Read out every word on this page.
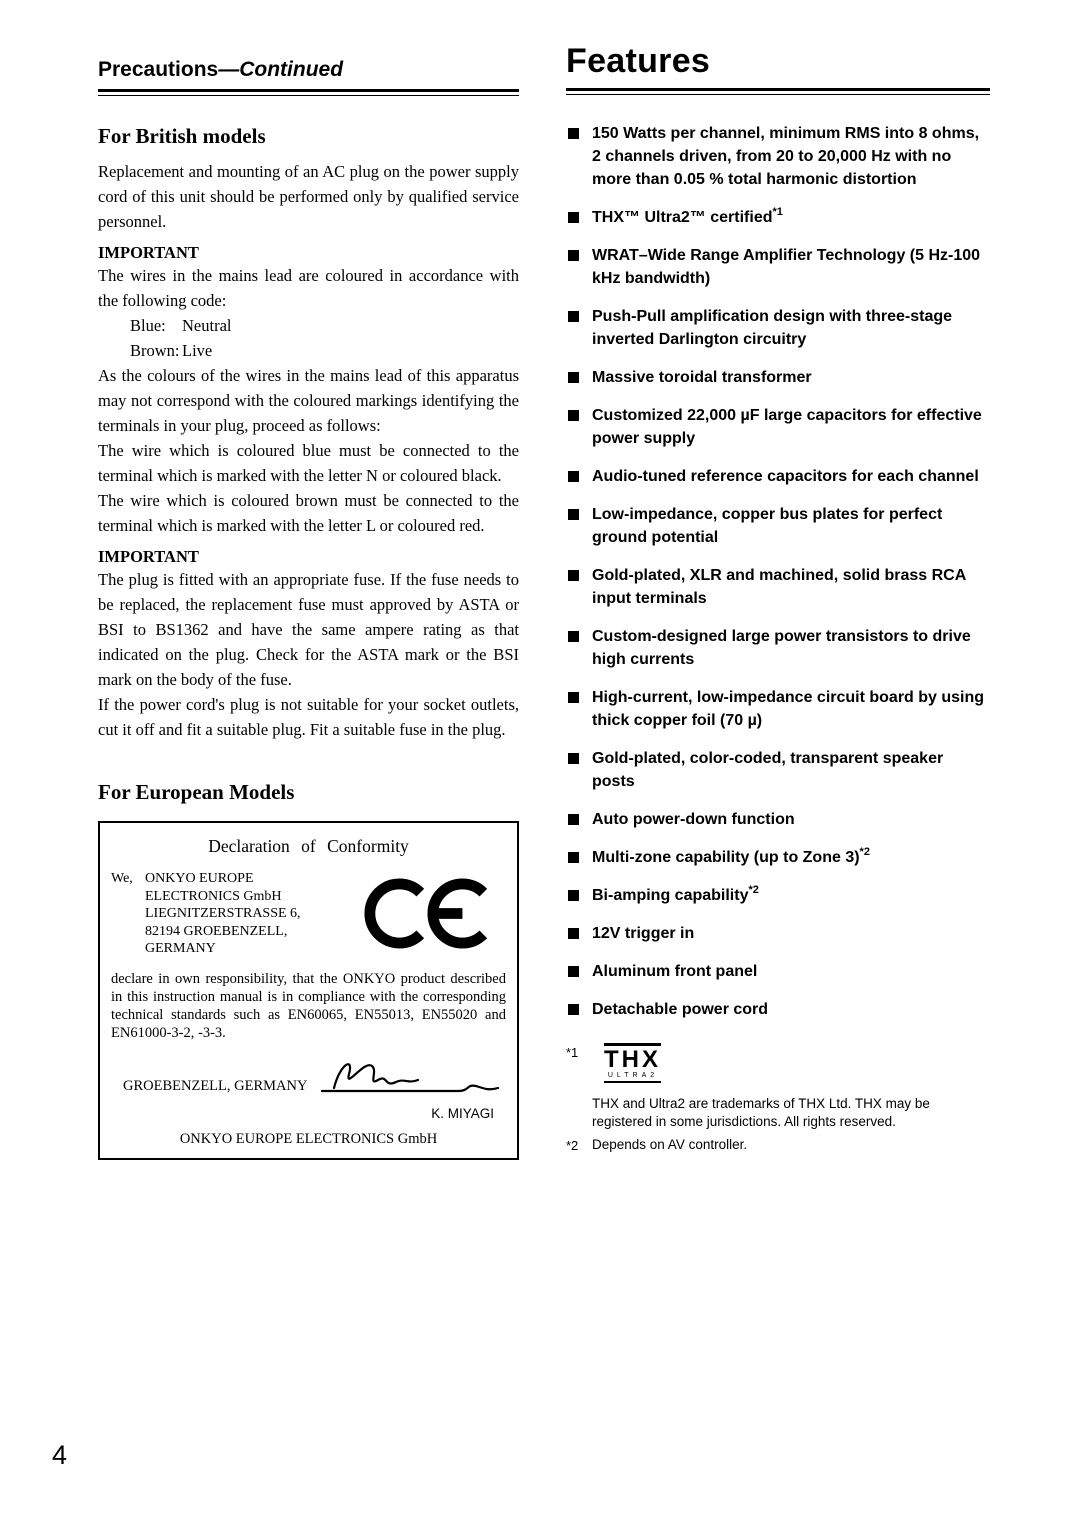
Precautions—Continued
For British models

Replacement and mounting of an AC plug on the power supply cord of this unit should be performed only by qualified service personnel.

IMPORTANT

The wires in the mains lead are coloured in accordance with the following code:

Blue: Neutral
Brown: Live

As the colours of the wires in the mains lead of this apparatus may not correspond with the coloured markings identifying the terminals in your plug, proceed as follows:

The wire which is coloured blue must be connected to the terminal which is marked with the letter N or coloured black.

The wire which is coloured brown must be connected to the terminal which is marked with the letter L or coloured red.

IMPORTANT

The plug is fitted with an appropriate fuse. If the fuse needs to be replaced, the replacement fuse must approved by ASTA or BSI to BS1362 and have the same ampere rating as that indicated on the plug. Check for the ASTA mark or the BSI mark on the body of the fuse.

If the power cord's plug is not suitable for your socket outlets, cut it off and fit a suitable plug. Fit a suitable fuse in the plug.

For European Models
Declaration of Conformity
We, ONKYO EUROPE
ELECTRONICS GmbH
LIEGNITZERSTRASSE 6,
82194 GROEBENZELL,
GERMANY

declare in own responsibility, that the ONKYO product described in this instruction manual is in compliance with the corresponding technical standards such as EN60065, EN55013, EN55020 and EN61000-3-2, -3-3.

GROEBENZELL, GERMANY
K. MIYAGI
ONKYO EUROPE ELECTRONICS GmbH
Features
150 Watts per channel, minimum RMS into 8 ohms, 2 channels driven, from 20 to 20,000 Hz with no more than 0.05 % total harmonic distortion
THX™ Ultra2™ certified$^{*1}$
WRAT–Wide Range Amplifier Technology (5 Hz-100 kHz bandwidth)
Push-Pull amplification design with three-stage inverted Darlington circuitry
Massive toroidal transformer
Customized 22,000 µF large capacitors for effective power supply
Audio-tuned reference capacitors for each channel
Low-impedance, copper bus plates for perfect ground potential
Gold-plated, XLR and machined, solid brass RCA input terminals
Custom-designed large power transistors to drive high currents
High-current, low-impedance circuit board by using thick copper foil (70 µ)
Gold-plated, color-coded, transparent speaker posts
Auto power-down function
Multi-zone capability (up to Zone 3)$^{*2}$
Bi-amping capability$^{*2}$
12V trigger in
Aluminum front panel
Detachable power cord
*1	THX
ULTRA2
THX and Ultra2 are trademarks of THX Ltd. THX may be registered in some jurisdictions. All rights reserved.
*2	Depends on AV controller.
4
